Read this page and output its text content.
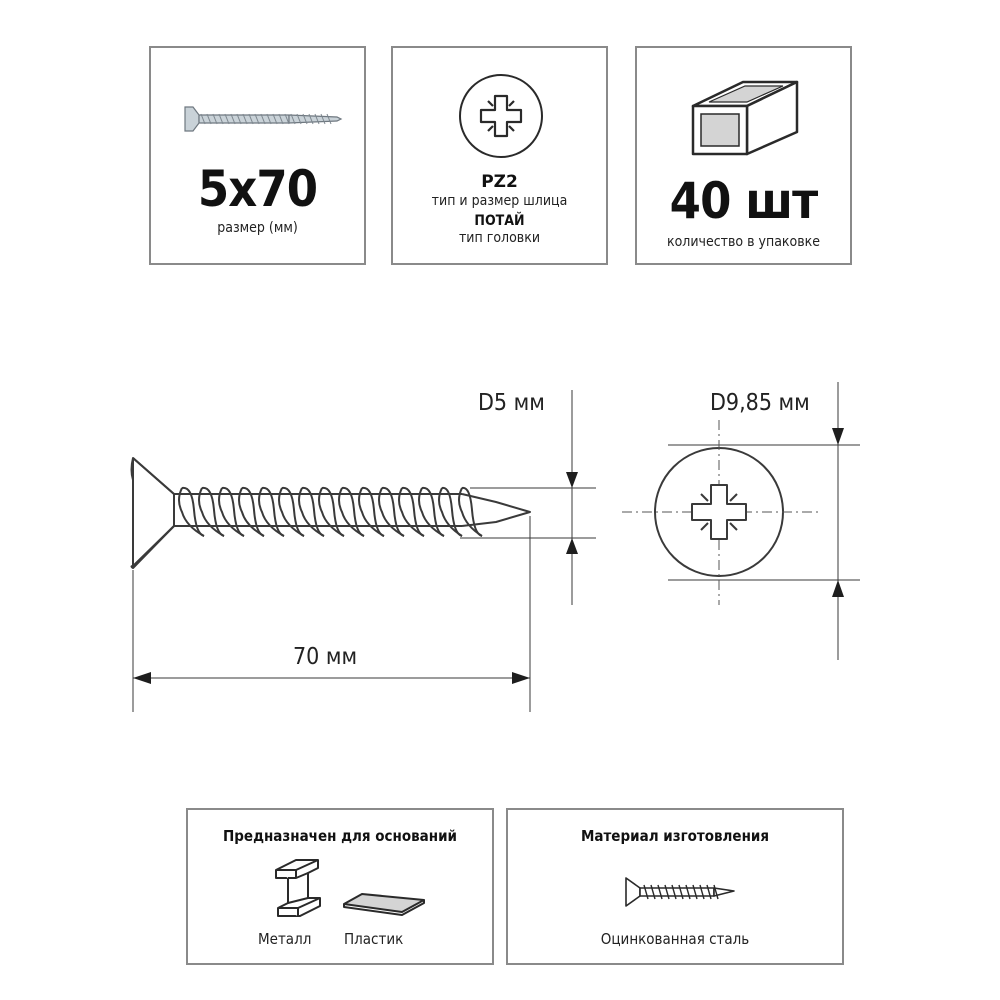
5x70
размер (мм)
PZ2
тип и размер шлица
ПОТАЙ
тип головки
40 шт
количество в упаковке
D5 мм	D9,85 мм
70 мм
Предназначен для оснований
Металл Пластик
Материал изготовления
Оцинкованная сталь
